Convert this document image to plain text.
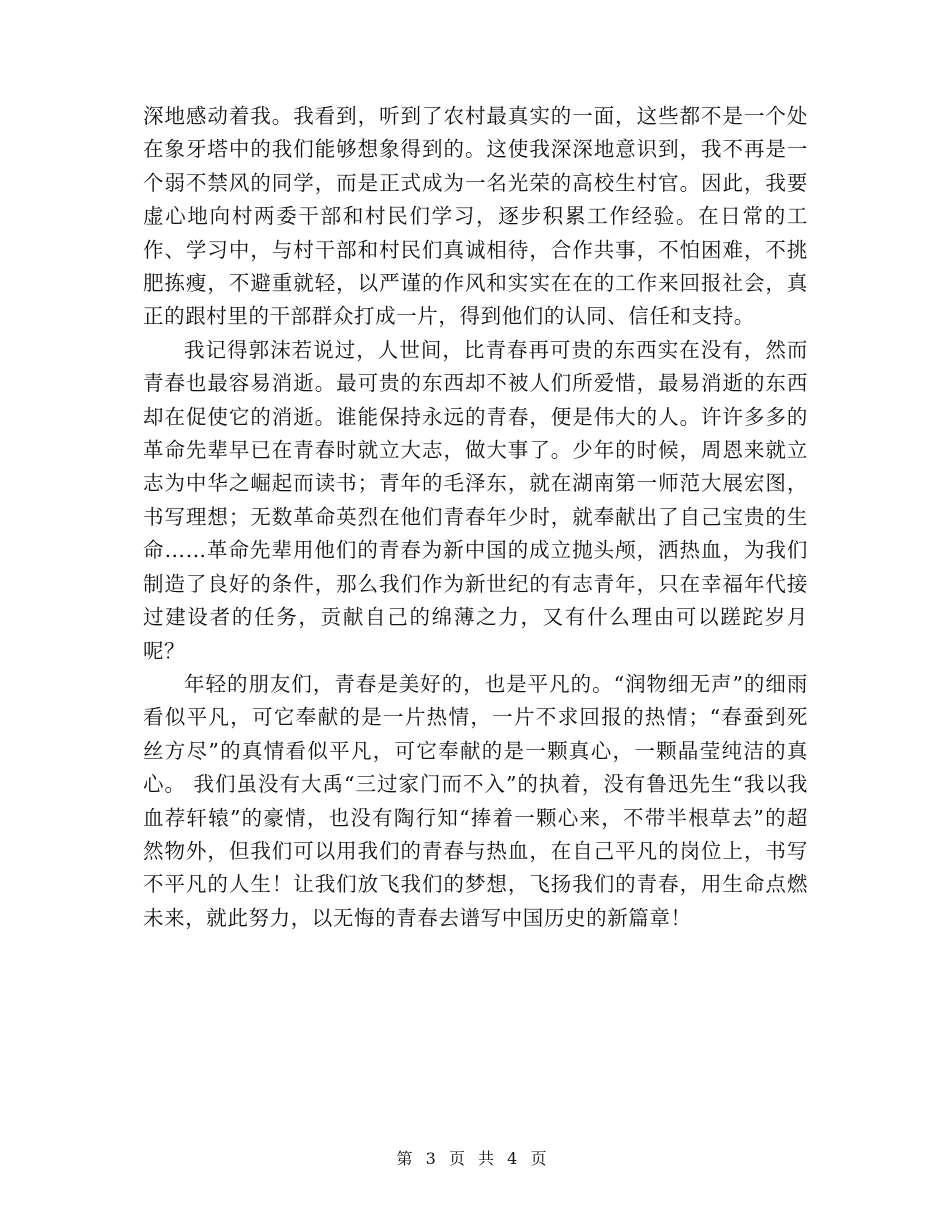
深地感动着我。我看到，听到了农村最真实的一面，这些都不是一个处在象牙塔中的我们能够想象得到的。这使我深深地意识到，我不再是一个弱不禁风的同学，而是正式成为一名光荣的高校生村官。因此，我要虚心地向村两委干部和村民们学习，逐步积累工作经验。在日常的工作、学习中，与村干部和村民们真诚相待，合作共事，不怕困难，不挑肥拣瘦，不避重就轻，以严谨的作风和实实在在的工作来回报社会，真正的跟村里的干部群众打成一片，得到他们的认同、信任和支持。

我记得郭沫若说过，人世间，比青春再可贵的东西实在没有，然而青春也最容易消逝。最可贵的东西却不被人们所爱惜，最易消逝的东西却在促使它的消逝。谁能保持永远的青春，便是伟大的人。许许多多的革命先辈早已在青春时就立大志，做大事了。少年的时候，周恩来就立志为中华之崛起而读书；青年的毛泽东，就在湖南第一师范大展宏图，书写理想；无数革命英烈在他们青春年少时，就奉献出了自己宝贵的生命……革命先辈用他们的青春为新中国的成立抛头颅，洒热血，为我们制造了良好的条件，那么我们作为新世纪的有志青年，只在幸福年代接过建设者的任务，贡献自己的绵薄之力，又有什么理由可以蹉跎岁月呢？

年轻的朋友们，青春是美好的，也是平凡的。“润物细无声”的细雨看似平凡，可它奉献的是一片热情，一片不求回报的热情；“春蚕到死丝方尽”的真情看似平凡，可它奉献的是一颗真心，一颗晶莹纯洁的真心。 我们虽没有大禹“三过家门而不入”的执着，没有鲁迅先生“我以我血荐轩辕”的豪情，也没有陶行知“捧着一颗心来，不带半根草去”的超然物外，但我们可以用我们的青春与热血，在自己平凡的岗位上，书写不平凡的人生！让我们放飞我们的梦想，飞扬我们的青春，用生命点燃未来，就此努力，以无悔的青春去谱写中国历史的新篇章！

第 3 页 共 4 页
